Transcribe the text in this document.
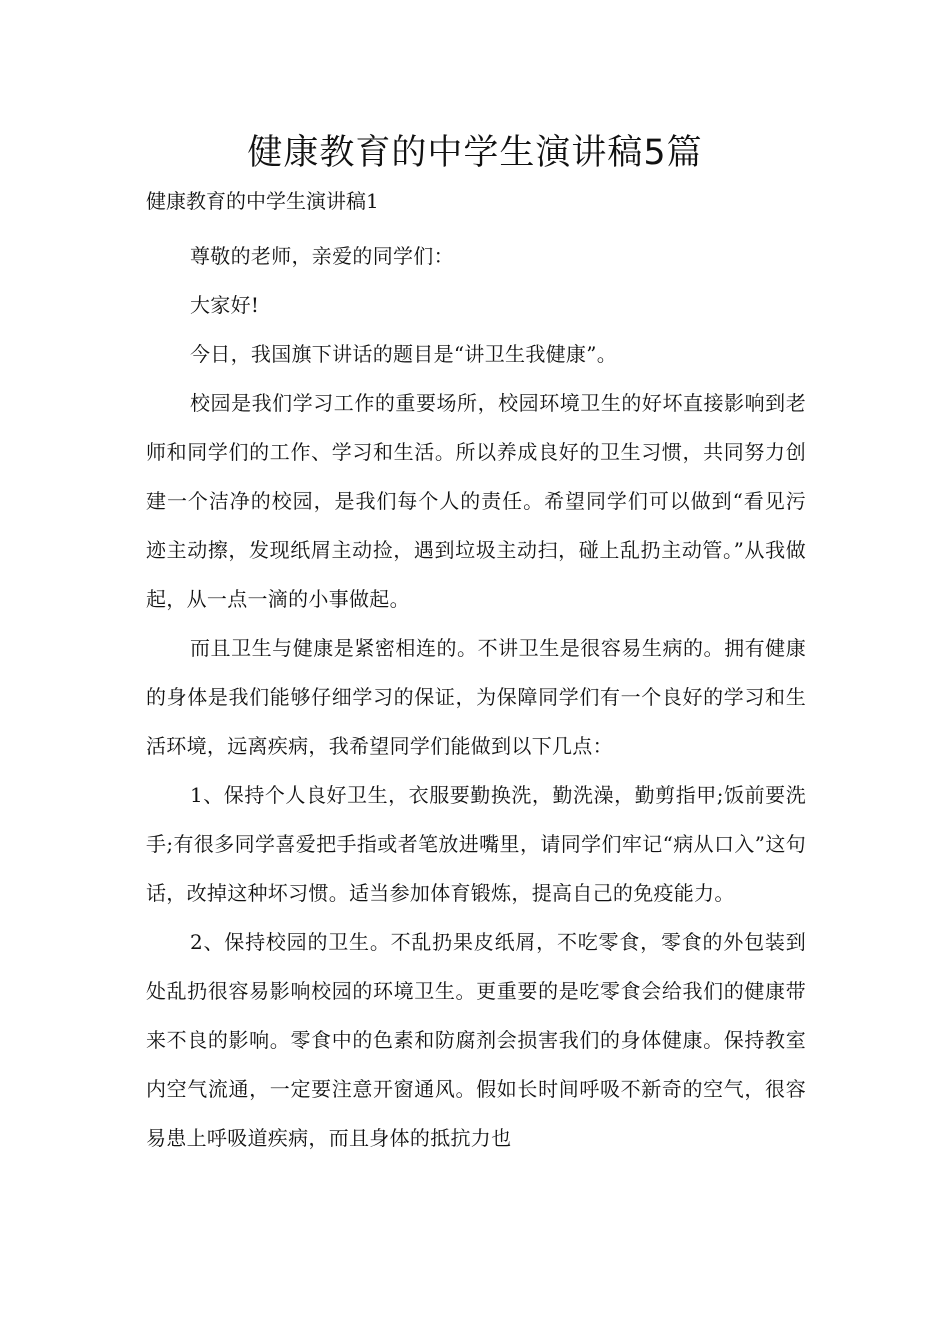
健康教育的中学生演讲稿5篇

健康教育的中学生演讲稿1

尊敬的老师，亲爱的同学们：

大家好!

今日，我国旗下讲话的题目是“讲卫生我健康”。

校园是我们学习工作的重要场所，校园环境卫生的好坏直接影响到老师和同学们的工作、学习和生活。所以养成良好的卫生习惯，共同努力创建一个洁净的校园，是我们每个人的责任。希望同学们可以做到“看见污迹主动擦，发现纸屑主动捡，遇到垃圾主动扫，碰上乱扔主动管。”从我做起，从一点一滴的小事做起。

而且卫生与健康是紧密相连的。不讲卫生是很容易生病的。拥有健康的身体是我们能够仔细学习的保证，为保障同学们有一个良好的学习和生活环境，远离疾病，我希望同学们能做到以下几点：

1、保持个人良好卫生，衣服要勤换洗，勤洗澡，勤剪指甲;饭前要洗手;有很多同学喜爱把手指或者笔放进嘴里，请同学们牢记“病从口入”这句话，改掉这种坏习惯。适当参加体育锻炼，提高自己的免疫能力。

2、保持校园的卫生。不乱扔果皮纸屑，不吃零食，零食的外包装到处乱扔很容易影响校园的环境卫生。更重要的是吃零食会给我们的健康带来不良的影响。零食中的色素和防腐剂会损害我们的身体健康。保持教室内空气流通，一定要注意开窗通风。假如长时间呼吸不新奇的空气，很容易患上呼吸道疾病，而且身体的抵抗力也
